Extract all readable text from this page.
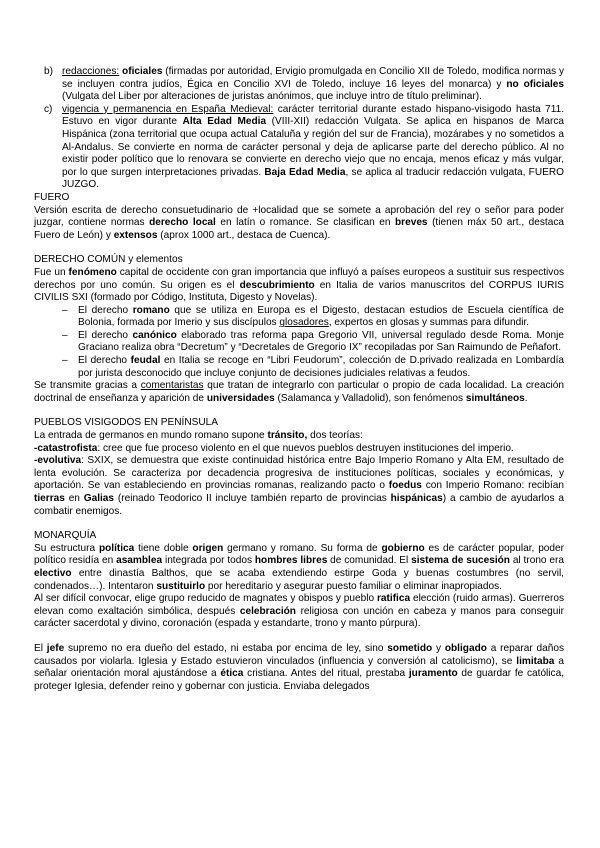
b) redacciones: oficiales (firmadas por autoridad, Ervigio promulgada en Concilio XII de Toledo, modifica normas y se incluyen contra judíos, Égica en Concilio XVI de Toledo, incluye 16 leyes del monarca) y no oficiales (Vulgata del Liber por alteraciones de juristas anónimos, que incluye intro de título preliminar).
c) vigencia y permanencia en España Medieval: carácter territorial durante estado hispano-visigodo hasta 711. Estuvo en vigor durante Alta Edad Media (VIII-XII) redacción Vulgata. Se aplica en hispanos de Marca Hispánica (zona territorial que ocupa actual Cataluña y región del sur de Francia), mozárabes y no sometidos a Al-Andalus. Se convierte en norma de carácter personal y deja de aplicarse parte del derecho público. Al no existir poder político que lo renovara se convierte en derecho viejo que no encaja, menos eficaz y más vulgar, por lo que surgen interpretaciones privadas. Baja Edad Media, se aplica al traducir redacción vulgata, FUERO JUZGO.

FUERO

Versión escrita de derecho consuetudinario de +localidad que se somete a aprobación del rey o señor para poder juzgar, contiene normas derecho local en latín o romance. Se clasifican en breves (tienen máx 50 art., destaca Fuero de León) y extensos (aprox 1000 art., destaca de Cuenca).

DERECHO COMÚN y elementos

Fue un fenómeno capital de occidente con gran importancia que influyó a países europeos a sustituir sus respectivos derechos por uno común. Su origen es el descubrimiento en Italia de varios manuscritos del CORPUS IURIS CIVILIS SXI (formado por Código, Instituta, Digesto y Novelas).

– El derecho romano que se utiliza en Europa es el Digesto, destacan estudios de Escuela científica de Bolonia, formada por Imerio y sus discípulos glosadores, expertos en glosas y summas para difundir.
– El derecho canónico elaborado tras reforma papa Gregorio VII, universal regulado desde Roma. Monje Graciano realiza obra “Decretum” y “Decretales de Gregorio IX” recopiladas por San Raimundo de Peñafort.
– El derecho feudal en Italia se recoge en “Libri Feudorum”, colección de D.privado realizada en Lombardía por jurista desconocido que incluye conjunto de decisiones judiciales relativas a feudos.

Se transmite gracias a comentaristas que tratan de integrarlo con particular o propio de cada localidad. La creación doctrinal de enseñanza y aparición de universidades (Salamanca y Valladolid), son fenómenos simultáneos.

PUEBLOS VISIGODOS EN PENÍNSULA

La entrada de germanos en mundo romano supone tránsito, dos teorías:

-catastrofista: cree que fue proceso violento en el que nuevos pueblos destruyen instituciones del imperio.

-evolutiva: SXIX, se demuestra que existe continuidad histórica entre Bajo Imperio Romano y Alta EM, resultado de lenta evolución. Se caracteriza por decadencia progresiva de instituciones políticas, sociales y económicas, y aportación. Se van estableciendo en provincias romanas, realizando pacto o foedus con Imperio Romano: recibían tierras en Galias (reinado Teodorico II incluye también reparto de provincias hispánicas) a cambio de ayudarlos a combatir enemigos.

MONARQUÍA

Su estructura política tiene doble origen germano y romano. Su forma de gobierno es de carácter popular, poder político residía en asamblea integrada por todos hombres libres de comunidad. El sistema de sucesión al trono era electivo entre dinastía Balthos, que se acaba extendiendo estirpe Goda y buenas costumbres (no servil, condenados…). Intentaron sustituirlo por hereditario y asegurar puesto familiar o eliminar inapropiados.

Al ser difícil convocar, elige grupo reducido de magnates y obispos y pueblo ratifica elección (ruido armas). Guerreros elevan como exaltación simbólica, después celebración religiosa con unción en cabeza y manos para conseguir carácter sacerdotal y divino, coronación (espada y estandarte, trono y manto púrpura).

El jefe supremo no era dueño del estado, ni estaba por encima de ley, sino sometido y obligado a reparar daños causados por violarla. Iglesia y Estado estuvieron vinculados (influencia y conversión al catolicismo), se limitaba a señalar orientación moral ajustándose a ética cristiana. Antes del ritual, prestaba juramento de guardar fe católica, proteger Iglesia, defender reino y gobernar con justicia. Enviaba delegados
